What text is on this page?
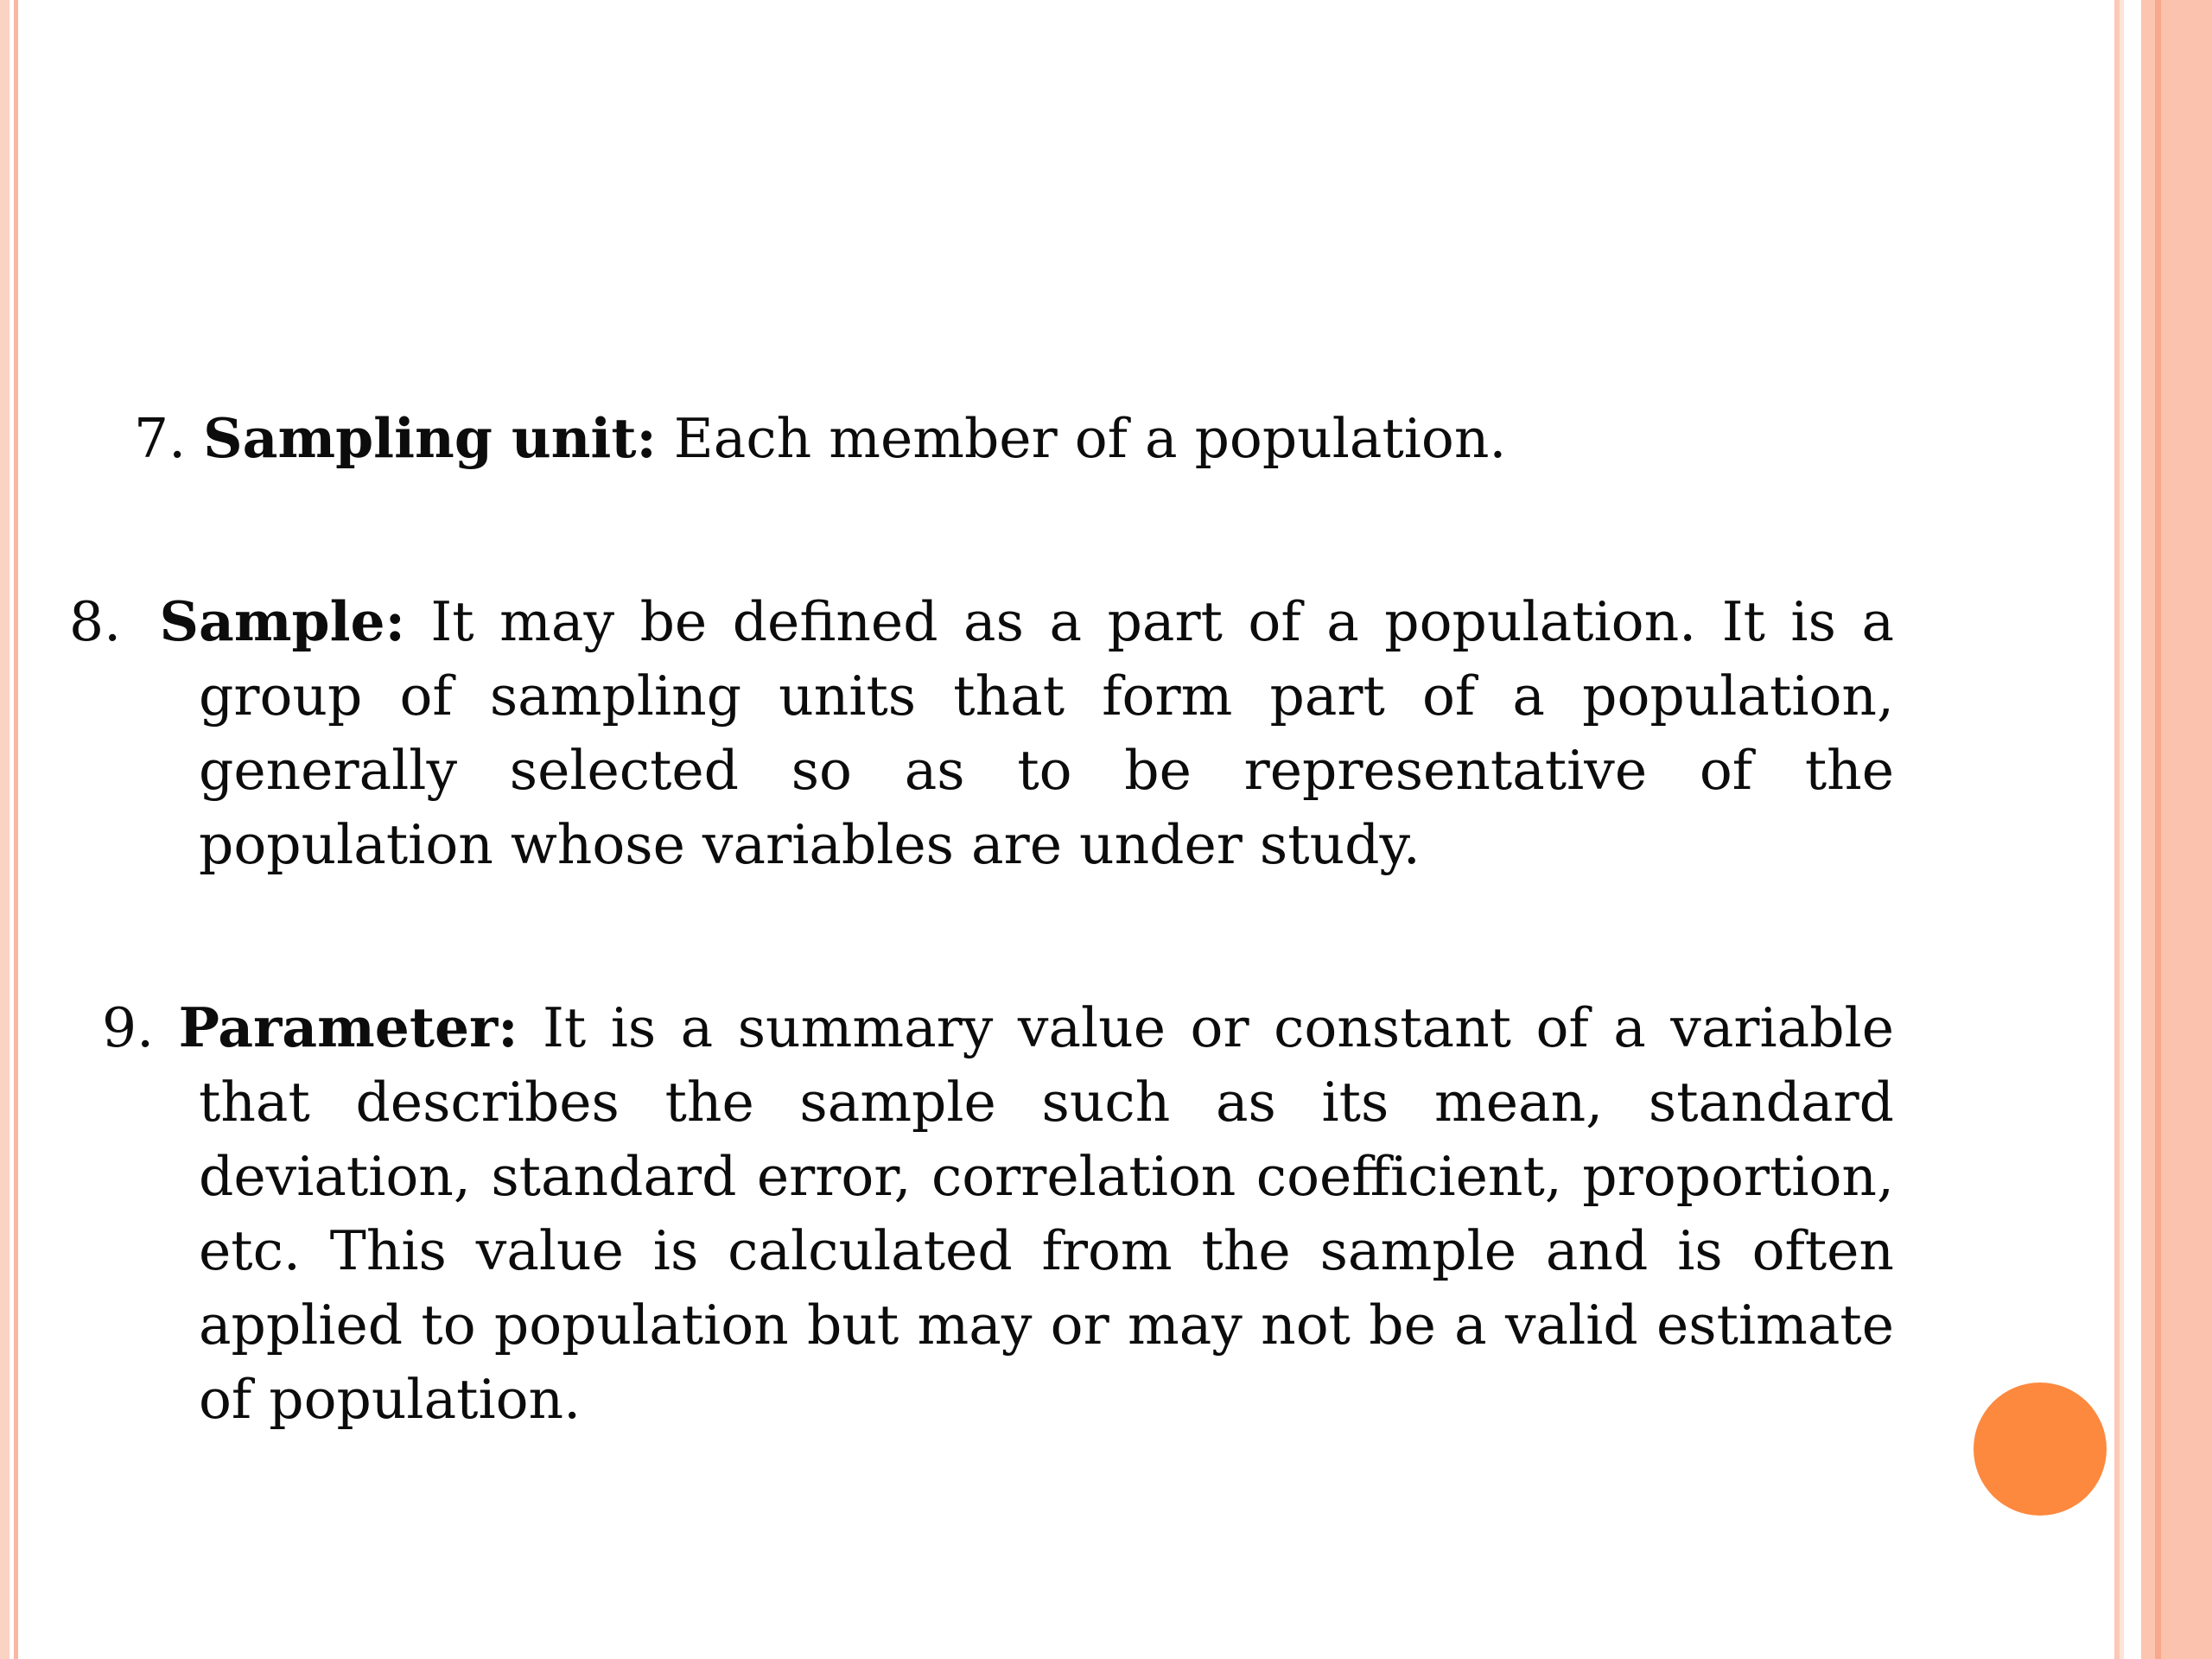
7. Sampling unit: Each member of a population.

8. Sample: It may be defined as a part of a population. It is a group of sampling units that form part of a population, generally selected so as to be representative of the population whose variables are under study.

9. Parameter: It is a summary value or constant of a variable that describes the sample such as its mean, standard deviation, standard error, correlation coefficient, proportion, etc. This value is calculated from the sample and is often applied to population but may or may not be a valid estimate of population.
